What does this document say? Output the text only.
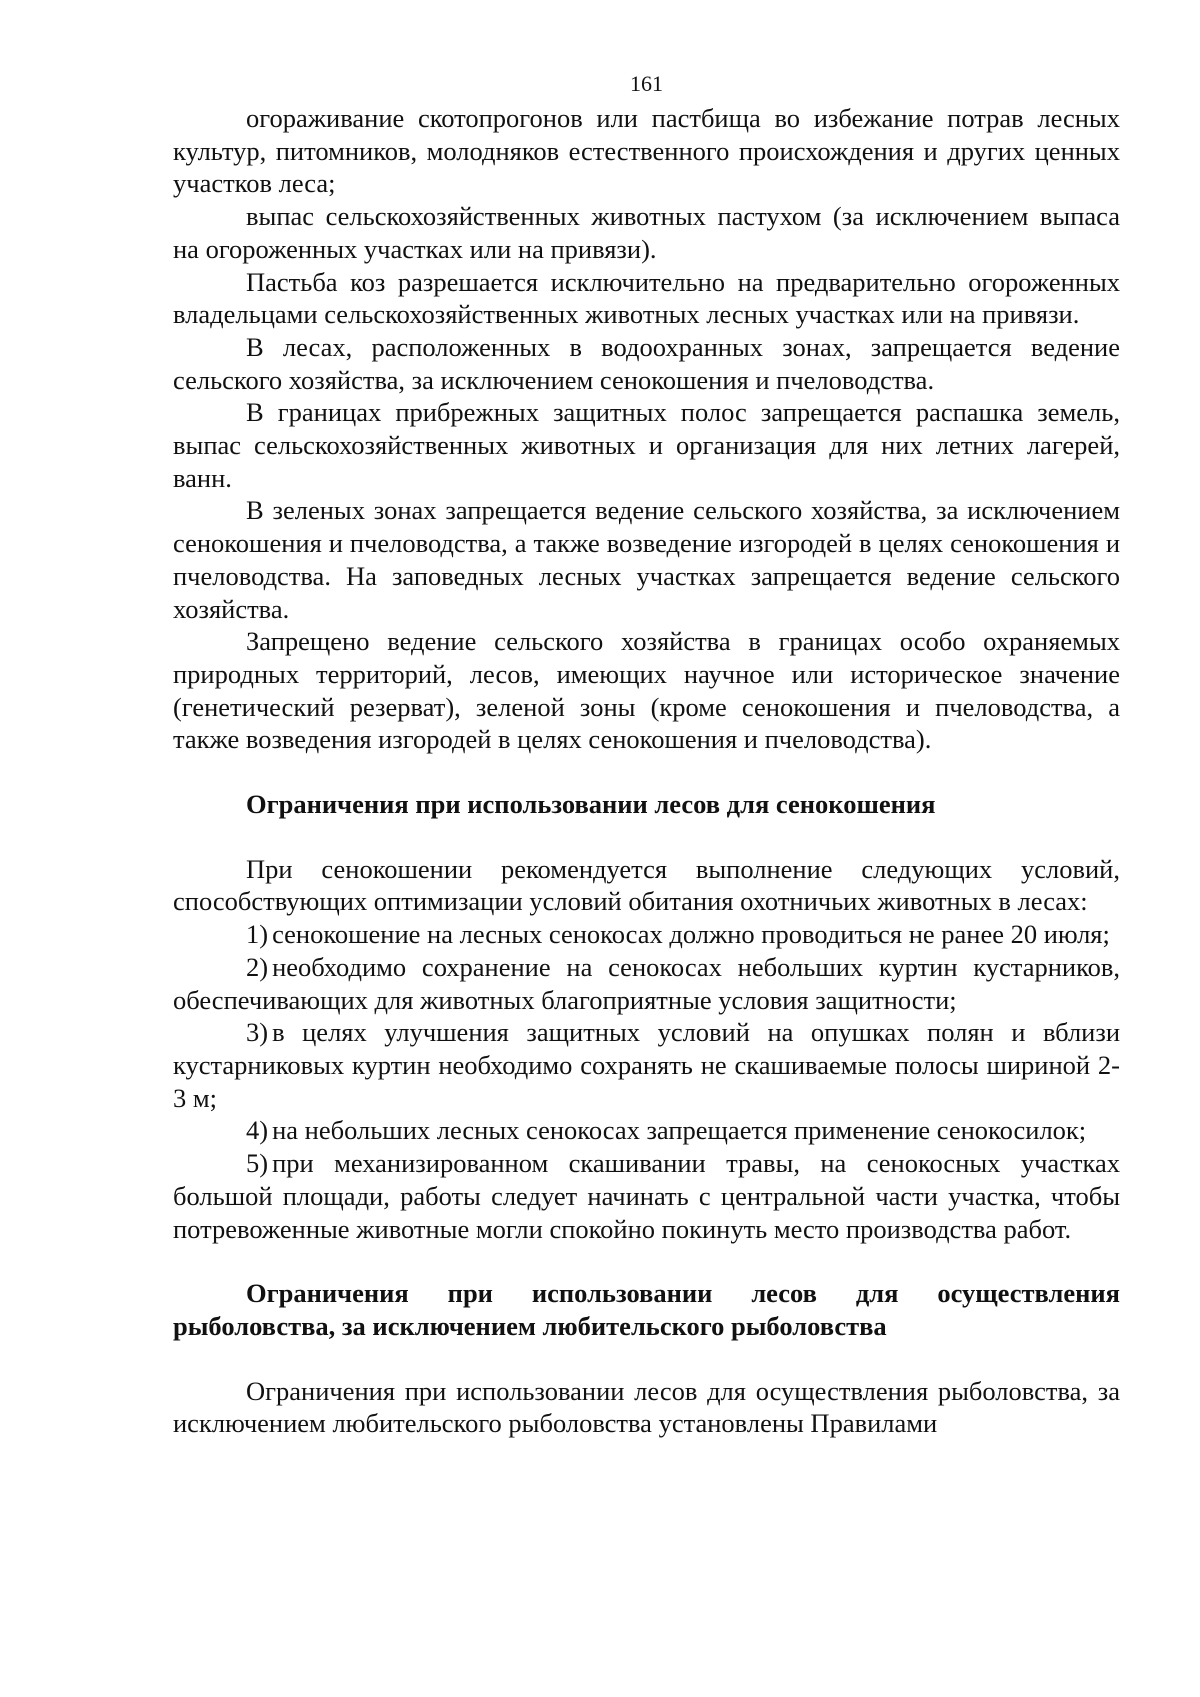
161

огораживание скотопрогонов или пастбища во избежание потрав лесных культур, питомников, молодняков естественного происхождения и других ценных участков леса;

выпас сельскохозяйственных животных пастухом (за исключением выпаса на огороженных участках или на привязи).

Пастьба коз разрешается исключительно на предварительно огороженных владельцами сельскохозяйственных животных лесных участках или на привязи.

В лесах, расположенных в водоохранных зонах, запрещается ведение сельского хозяйства, за исключением сенокошения и пчеловодства.

В границах прибрежных защитных полос запрещается распашка земель, выпас сельскохозяйственных животных и организация для них летних лагерей, ванн.

В зеленых зонах запрещается ведение сельского хозяйства, за исключением сенокошения и пчеловодства, а также возведение изгородей в целях сенокошения и пчеловодства. На заповедных лесных участках запрещается ведение сельского хозяйства.

Запрещено ведение сельского хозяйства в границах особо охраняемых природных территорий, лесов, имеющих научное или историческое значение (генетический резерват), зеленой зоны (кроме сенокошения и пчеловодства, а также возведения изгородей в целях сенокошения и пчеловодства).

Ограничения при использовании лесов для сенокошения

При сенокошении рекомендуется выполнение следующих условий, способствующих оптимизации условий обитания охотничьих животных в лесах:

1) сенокошение на лесных сенокосах должно проводиться не ранее 20 июля;

2) необходимо сохранение на сенокосах небольших куртин кустарников, обеспечивающих для животных благоприятные условия защитности;

3) в целях улучшения защитных условий на опушках полян и вблизи кустарниковых куртин необходимо сохранять не скашиваемые полосы шириной 2-3 м;

4) на небольших лесных сенокосах запрещается применение сенокосилок;

5) при механизированном скашивании травы, на сенокосных участках большой площади, работы следует начинать с центральной части участка, чтобы потревоженные животные могли спокойно покинуть место производства работ.

Ограничения при использовании лесов для осуществления рыболовства, за исключением любительского рыболовства

Ограничения при использовании лесов для осуществления рыболовства, за исключением любительского рыболовства установлены Правилами
